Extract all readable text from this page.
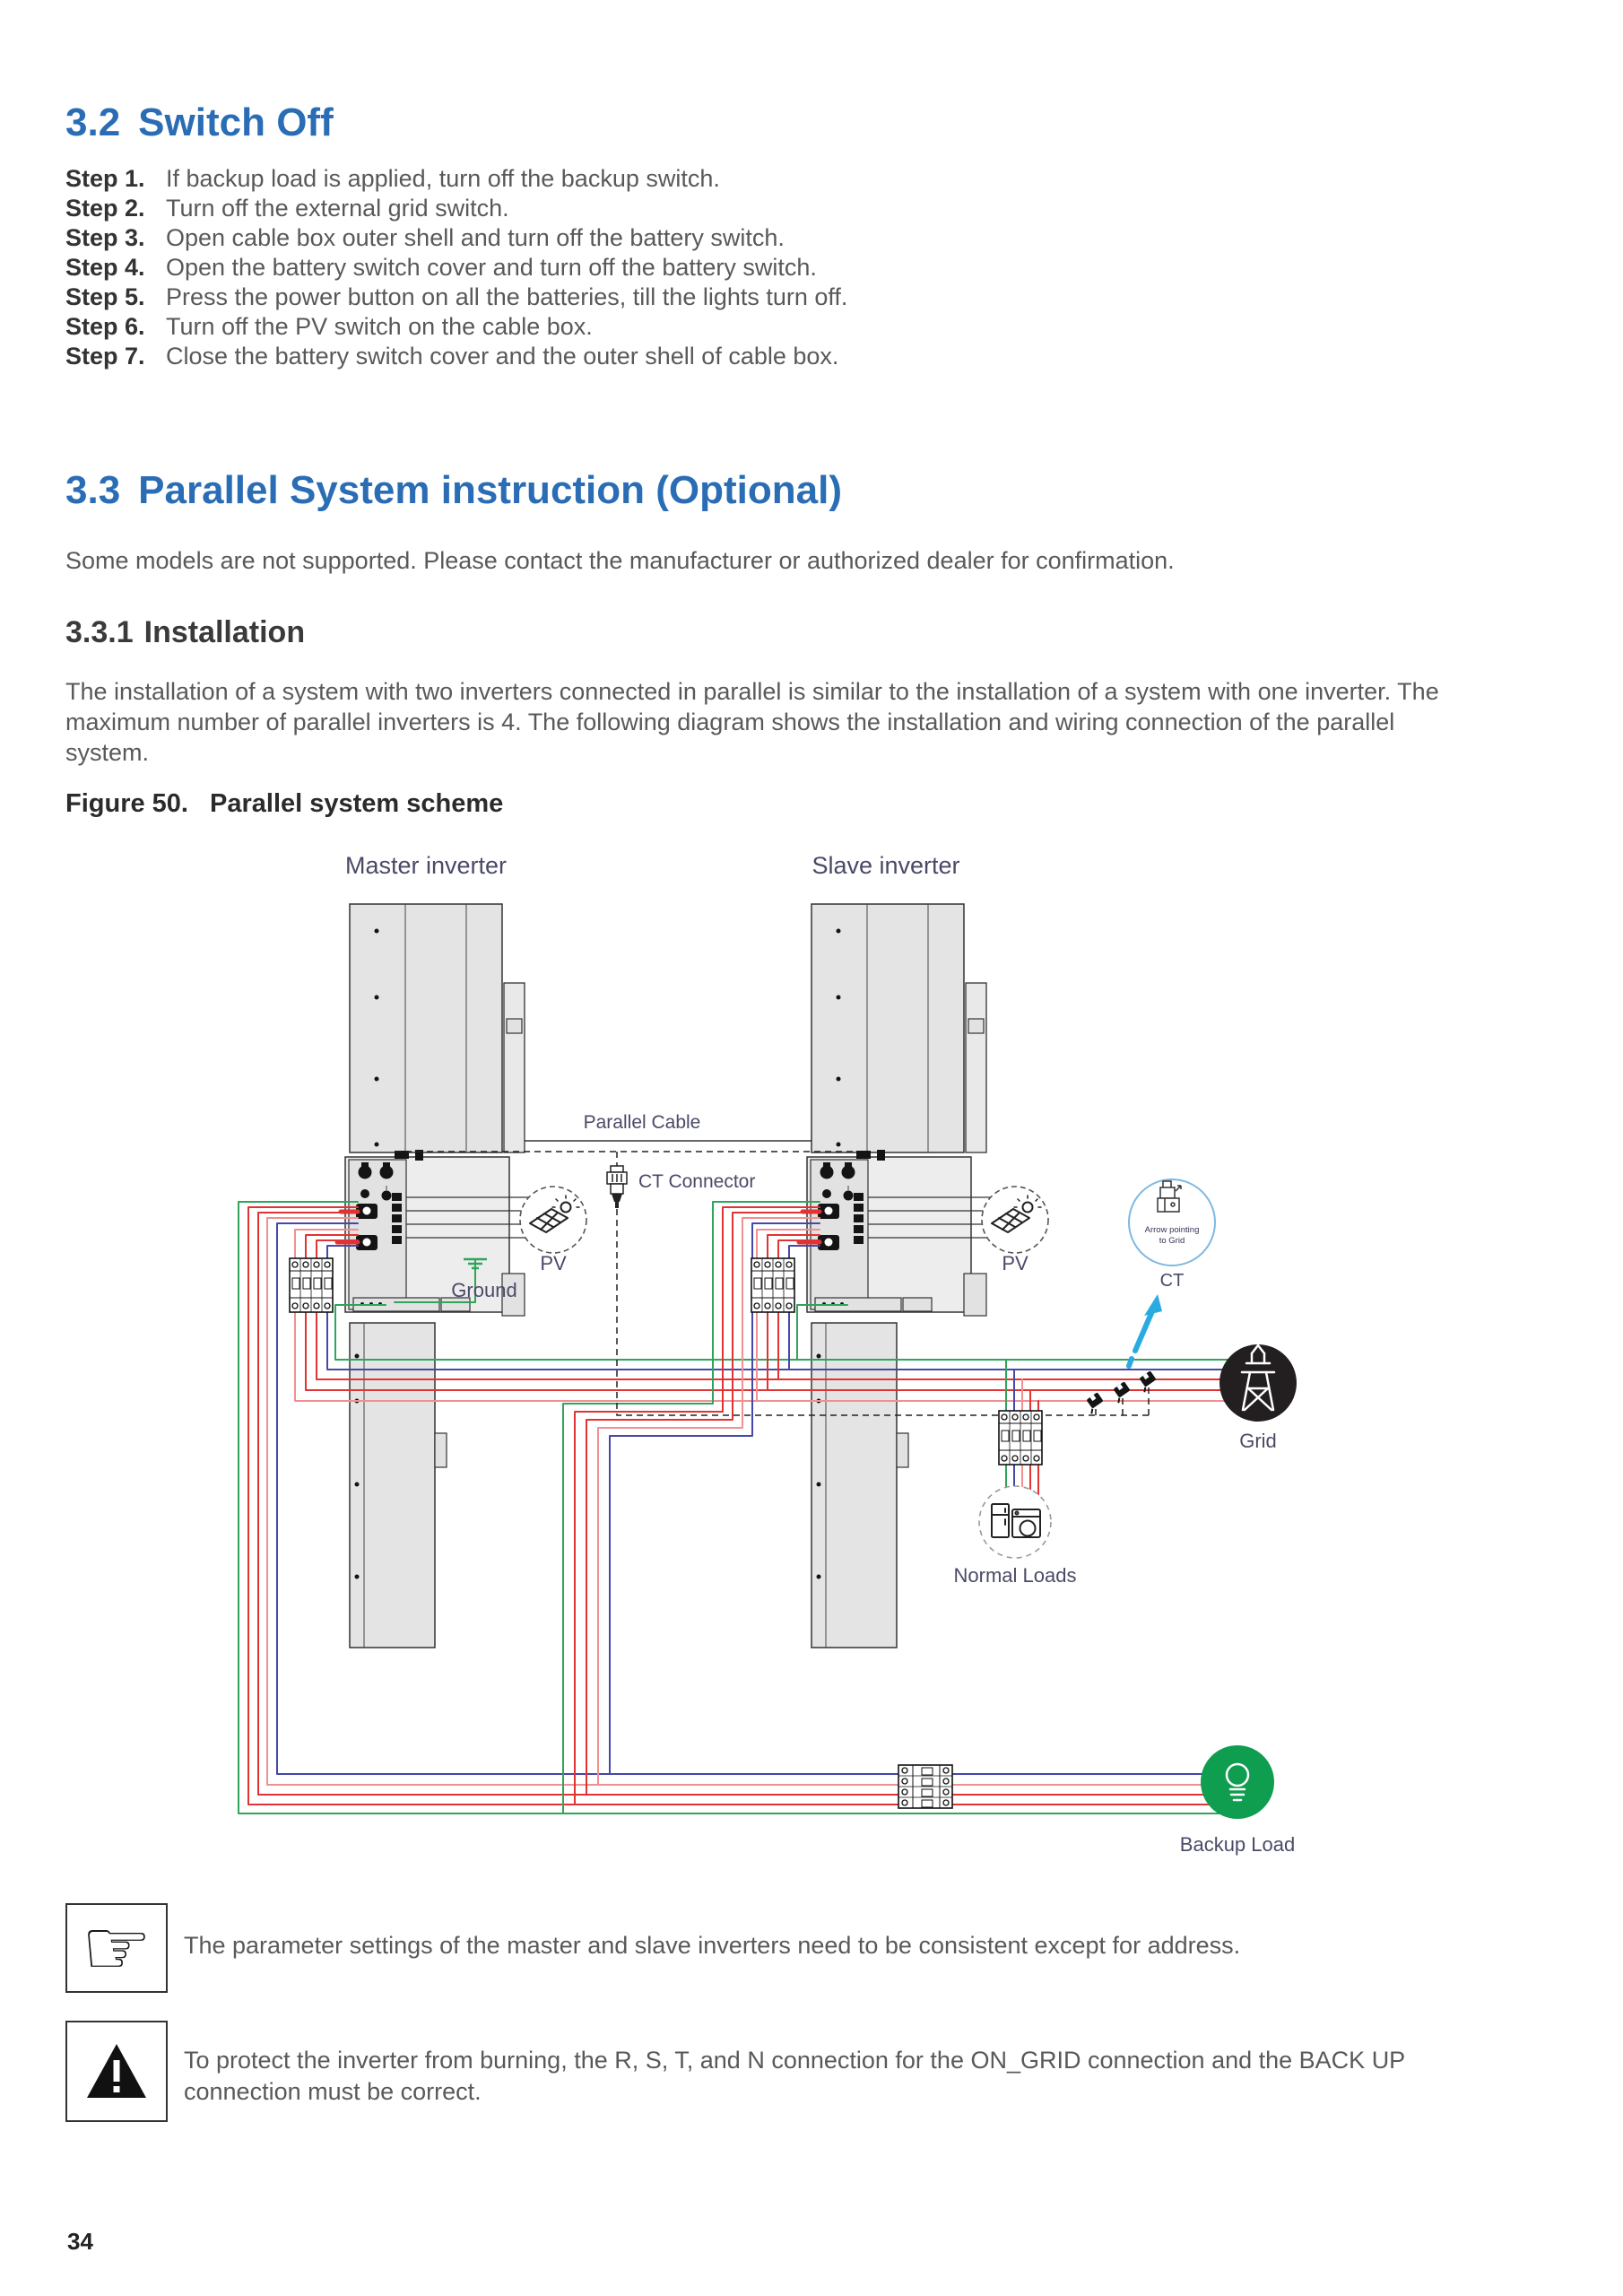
3.2 Switch Off
Step 1. If backup load is applied, turn off the backup switch.
Step 2. Turn off the external grid switch.
Step 3. Open cable box outer shell and turn off the battery switch.
Step 4. Open the battery switch cover and turn off the battery switch.
Step 5. Press the power button on all the batteries, till the lights turn off.
Step 6. Turn off the PV switch on the cable box.
Step 7. Close the battery switch cover and the outer shell of cable box.
3.3 Parallel System instruction (Optional)
Some models are not supported. Please contact the manufacturer or authorized dealer for confirmation.
3.3.1 Installation
The installation of a system with two inverters connected in parallel is similar to the installation of a system with one inverter. The maximum number of parallel inverters is 4. The following diagram shows the installation and wiring connection of the parallel system.
Figure 50. Parallel system scheme
Arrow pointing
to Grid
Master inverter	Slave inverter
Parallel Cable
CT Connector
PV	PV
Ground	CT
Grid
Normal Loads
Backup Load
☞ The parameter settings of the master and slave inverters need to be consistent except for address.
To protect the inverter from burning, the R, S, T, and N connection for the ON_GRID connection and the BACK UP connection must be correct.
34
